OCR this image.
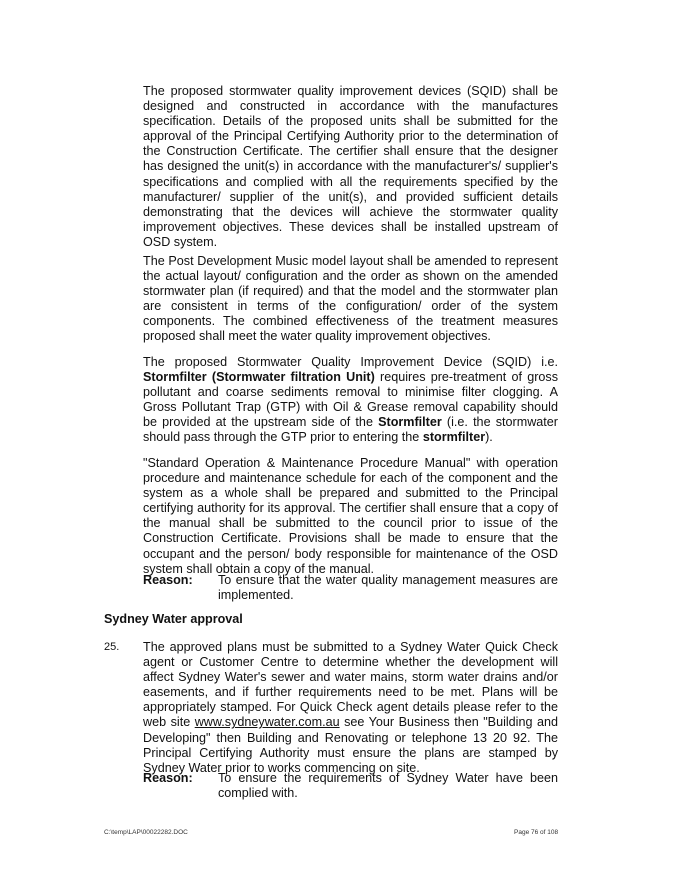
The proposed stormwater quality improvement devices (SQID) shall be designed and constructed in accordance with the manufactures specification. Details of the proposed units shall be submitted for the approval of the Principal Certifying Authority prior to the determination of the Construction Certificate. The certifier shall ensure that the designer has designed the unit(s) in accordance with the manufacturer's/ supplier's specifications and complied with all the requirements specified by the manufacturer/ supplier of the unit(s), and provided sufficient details demonstrating that the devices will achieve the stormwater quality improvement objectives. These devices shall be installed upstream of OSD system.

The Post Development Music model layout shall be amended to represent the actual layout/ configuration and the order as shown on the amended stormwater plan (if required) and that the model and the stormwater plan are consistent in terms of the configuration/ order of the system components. The combined effectiveness of the treatment measures proposed shall meet the water quality improvement objectives.

The proposed Stormwater Quality Improvement Device (SQID) i.e. Stormfilter (Stormwater filtration Unit) requires pre-treatment of gross pollutant and coarse sediments removal to minimise filter clogging. A Gross Pollutant Trap (GTP) with Oil & Grease removal capability should be provided at the upstream side of the Stormfilter (i.e. the stormwater should pass through the GTP prior to entering the stormfilter).

"Standard Operation & Maintenance Procedure Manual" with operation procedure and maintenance schedule for each of the component and the system as a whole shall be prepared and submitted to the Principal certifying authority for its approval. The certifier shall ensure that a copy of the manual shall be submitted to the council prior to issue of the Construction Certificate. Provisions shall be made to ensure that the occupant and the person/ body responsible for maintenance of the OSD system shall obtain a copy of the manual.

Reason: To ensure that the water quality management measures are implemented.
Sydney Water approval
25. The approved plans must be submitted to a Sydney Water Quick Check agent or Customer Centre to determine whether the development will affect Sydney Water's sewer and water mains, storm water drains and/or easements, and if further requirements need to be met. Plans will be appropriately stamped. For Quick Check agent details please refer to the web site www.sydneywater.com.au see Your Business then "Building and Developing" then Building and Renovating or telephone 13 20 92. The Principal Certifying Authority must ensure the plans are stamped by Sydney Water prior to works commencing on site.

Reason: To ensure the requirements of Sydney Water have been complied with.
C:\temp\LAP\00022282.DOC	Page 76 of 108
